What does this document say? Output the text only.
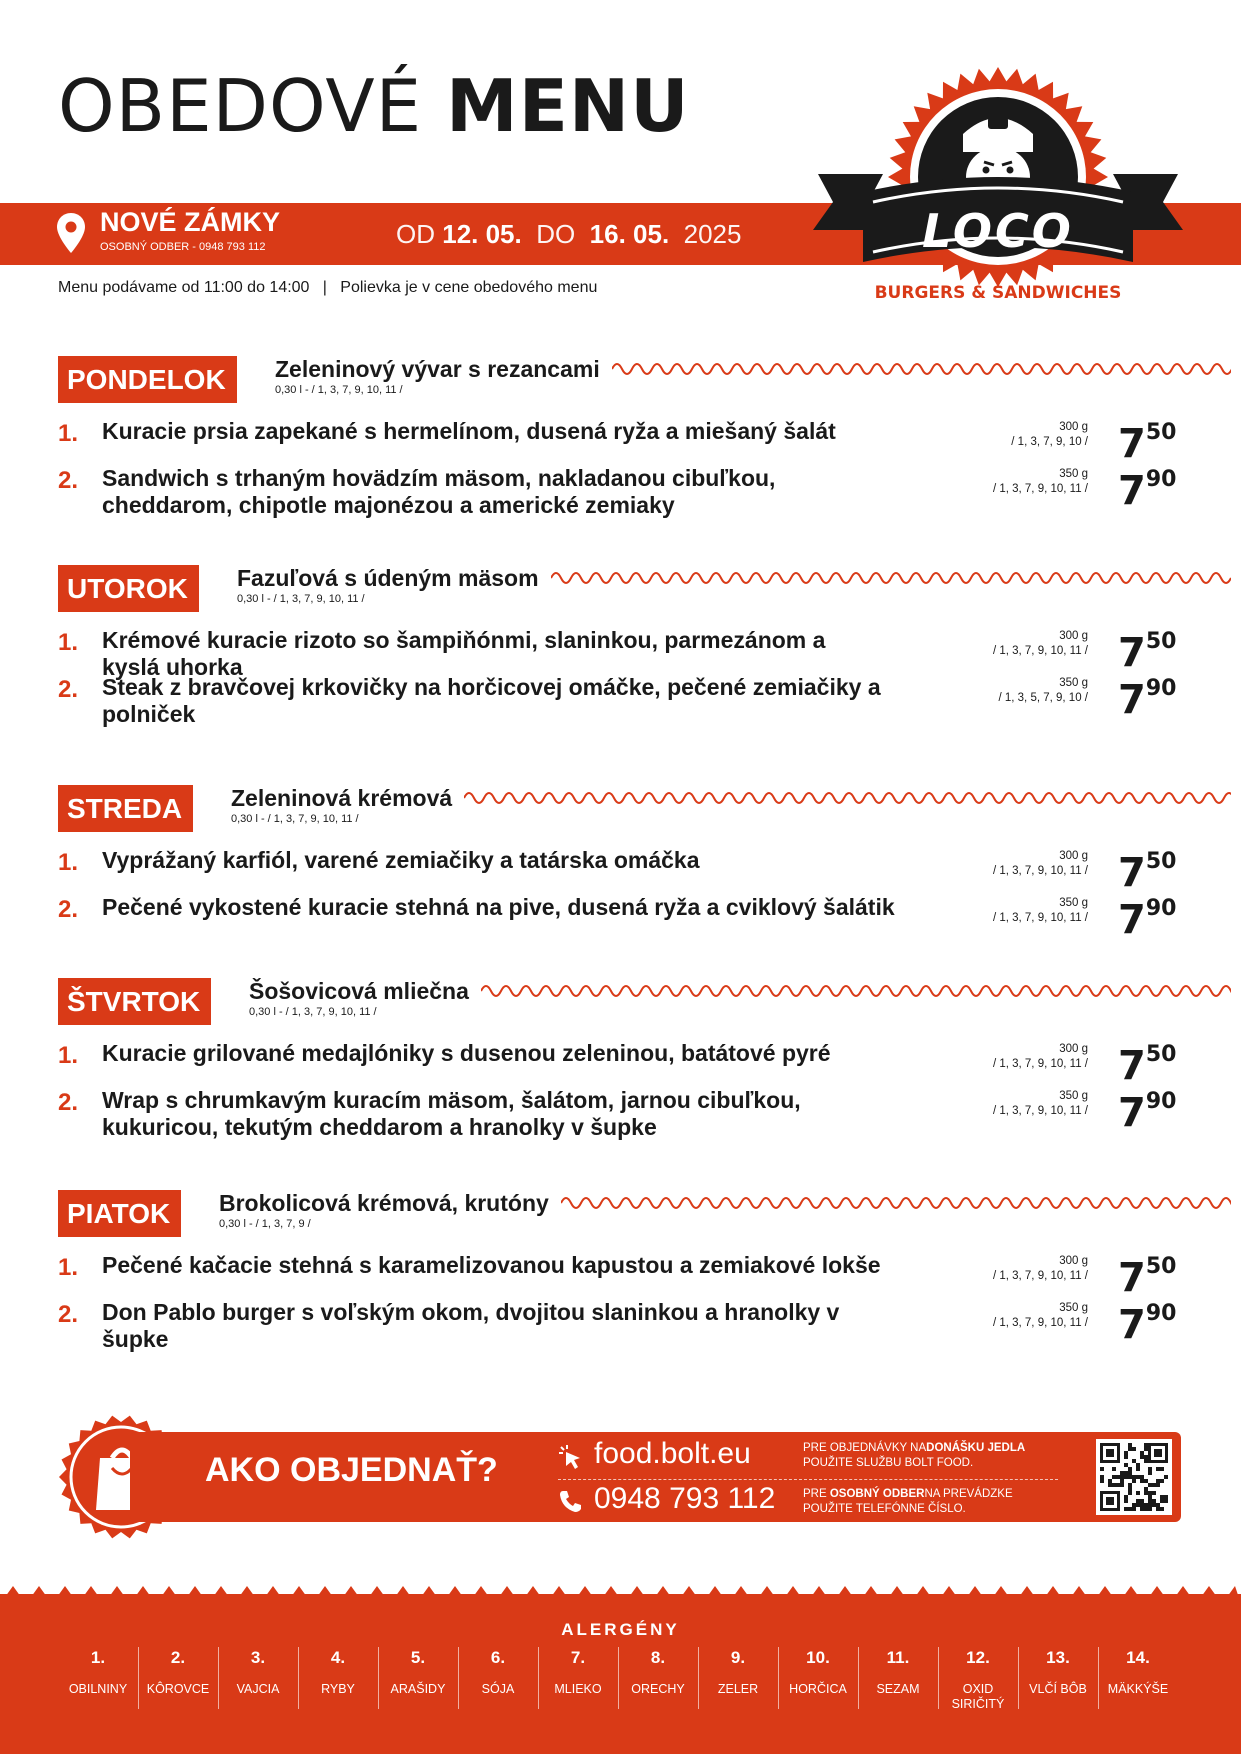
OBEDOVÉ MENU
NOVÉ ZÁMKY
OSOBNÝ ODBER - 0948 793 112	OD 12. 05. DO 16. 05. 2025
Menu podávame od 11:00 do 14:00 | Polievka je v cene obedového menu
LOCO
BURGERS & SANDWICHES
PONDELOK	Zeleninový vývar s rezancami
0,30 l - / 1, 3, 7, 9, 10, 11 /
1. Kuracie prsia zapekané s hermelínom, dusená ryža a miešaný šalát	300 g
/ 1, 3, 7, 9, $10 / 7^{50}$
2. Sandwich s trhaným hovädzím mäsom, nakladanou cibuľkou, cheddarom, chipotle majonézou a americké zemiaky
350 g
/ 1, 3, 7, 9, 10, $11 / 7^{90}$
UTOROK	Fazuľová s údeným mäsom
0,30 l - / 1, 3, 7, 9, 10, 11 /
1. Krémové kuracie rizoto so šampiňónmi, slaninkou, parmezánom a kyslá uhorka
300 g
/ 1, 3, 7, 9, 10, $11 / 7^{50}$
2. Steak z bravčovej krkovičky na horčicovej omáčke, pečené zemiačiky a polniček
350 g
/ 1, 3, 5, 7, 9, $10 / 7^{90}$
STREDA	Zeleninová krémová
0,30 l - / 1, 3, 7, 9, 10, 11 /
1. Vyprážaný karfiól, varené zemiačiky a tatárska omáčka	300 g
/ 1, 3, 7, 9, 10, $11 / 7^{50}$
2. Pečené vykostené kuracie stehná na pive, dusená ryža a cviklový šalátik	350 g
/ 1, 3, 7, 9, 10, $11 / 7^{90}$
ŠTVRTOK	Šošovicová mliečna
0,30 l - / 1, 3, 7, 9, 10, 11 /
1. Kuracie grilované medajlóniky s dusenou zeleninou, batátové pyré	300 g
/ 1, 3, 7, 9, 10, $11 / 7^{50}$
2. Wrap s chrumkavým kuracím mäsom, šalátom, jarnou cibuľkou, kukuricou, tekutým cheddarom a hranolky v šupke
350 g
/ 1, 3, 7, 9, 10, $11 / 7^{90}$
PIATOK	Brokolicová krémová, krutóny
0,30 l - / 1, 3, 7, 9 /
1. Pečené kačacie stehná s karamelizovanou kapustou a zemiakové lokše	300 g
/ 1, 3, 7, 9, 10, $11 / 7^{50}$
2. Don Pablo burger s voľským okom, dvojitou slaninkou a hranolky v šupke
350 g
/ 1, 3, 7, 9, 10, $11 / 7^{90}$
AKO OBJEDNAŤ?	food.bolt.eu	PRE OBJEDNÁVKY NADONÁŠKU JEDLA
POUŽITE SLUŽBU BOLT FOOD.
0948 793 112 PRE OSOBNÝ ODBERNA PREVÁDZKE
POUŽITE TELEFÓNNE ČÍSLO.
ALERGÉNY
1.
OBILNINY
2.
KÔROVCE
3.
VAJCIA
4.
RYBY
5.
ARAŠIDY
6.
SÓJA
7.
MLIEKO
8.
ORECHY
9.
ZELER
10.
HORČICA
11.
SEZAM
12.
OXID SIRIČITÝ
13.
VLČÍ BÔB
14.
MÄKKÝŠE
